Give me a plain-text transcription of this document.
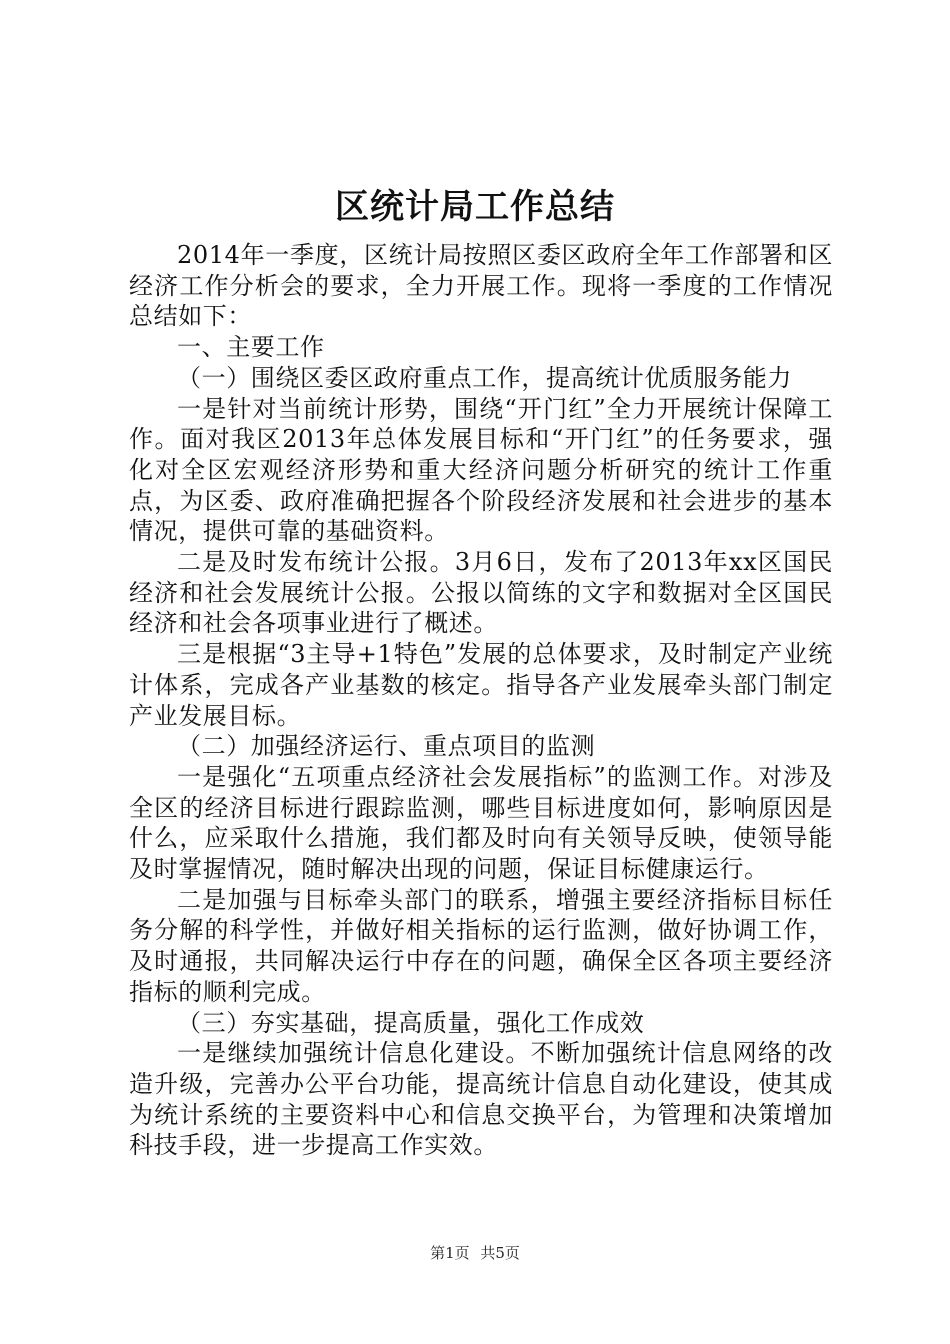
区统计局工作总结

2014年一季度，区统计局按照区委区政府全年工作部署和区经济工作分析会的要求，全力开展工作。现将一季度的工作情况总结如下：

一、主要工作

（一）围绕区委区政府重点工作，提高统计优质服务能力

一是针对当前统计形势，围绕“开门红”全力开展统计保障工作。面对我区2013年总体发展目标和“开门红”的任务要求，强化对全区宏观经济形势和重大经济问题分析研究的统计工作重点，为区委、政府准确把握各个阶段经济发展和社会进步的基本情况，提供可靠的基础资料。

二是及时发布统计公报。3月6日，发布了2013年xx区国民经济和社会发展统计公报。公报以简练的文字和数据对全区国民经济和社会各项事业进行了概述。

三是根据“3主导+1特色”发展的总体要求，及时制定产业统计体系，完成各产业基数的核定。指导各产业发展牵头部门制定产业发展目标。

（二）加强经济运行、重点项目的监测

一是强化“五项重点经济社会发展指标”的监测工作。对涉及全区的经济目标进行跟踪监测，哪些目标进度如何，影响原因是什么，应采取什么措施，我们都及时向有关领导反映，使领导能及时掌握情况，随时解决出现的问题，保证目标健康运行。

二是加强与目标牵头部门的联系，增强主要经济指标目标任务分解的科学性，并做好相关指标的运行监测，做好协调工作，及时通报，共同解决运行中存在的问题，确保全区各项主要经济指标的顺利完成。

（三）夯实基础，提高质量，强化工作成效

一是继续加强统计信息化建设。不断加强统计信息网络的改造升级，完善办公平台功能，提高统计信息自动化建设，使其成为统计系统的主要资料中心和信息交换平台，为管理和决策增加科技手段，进一步提高工作实效。

第1页 共5页
